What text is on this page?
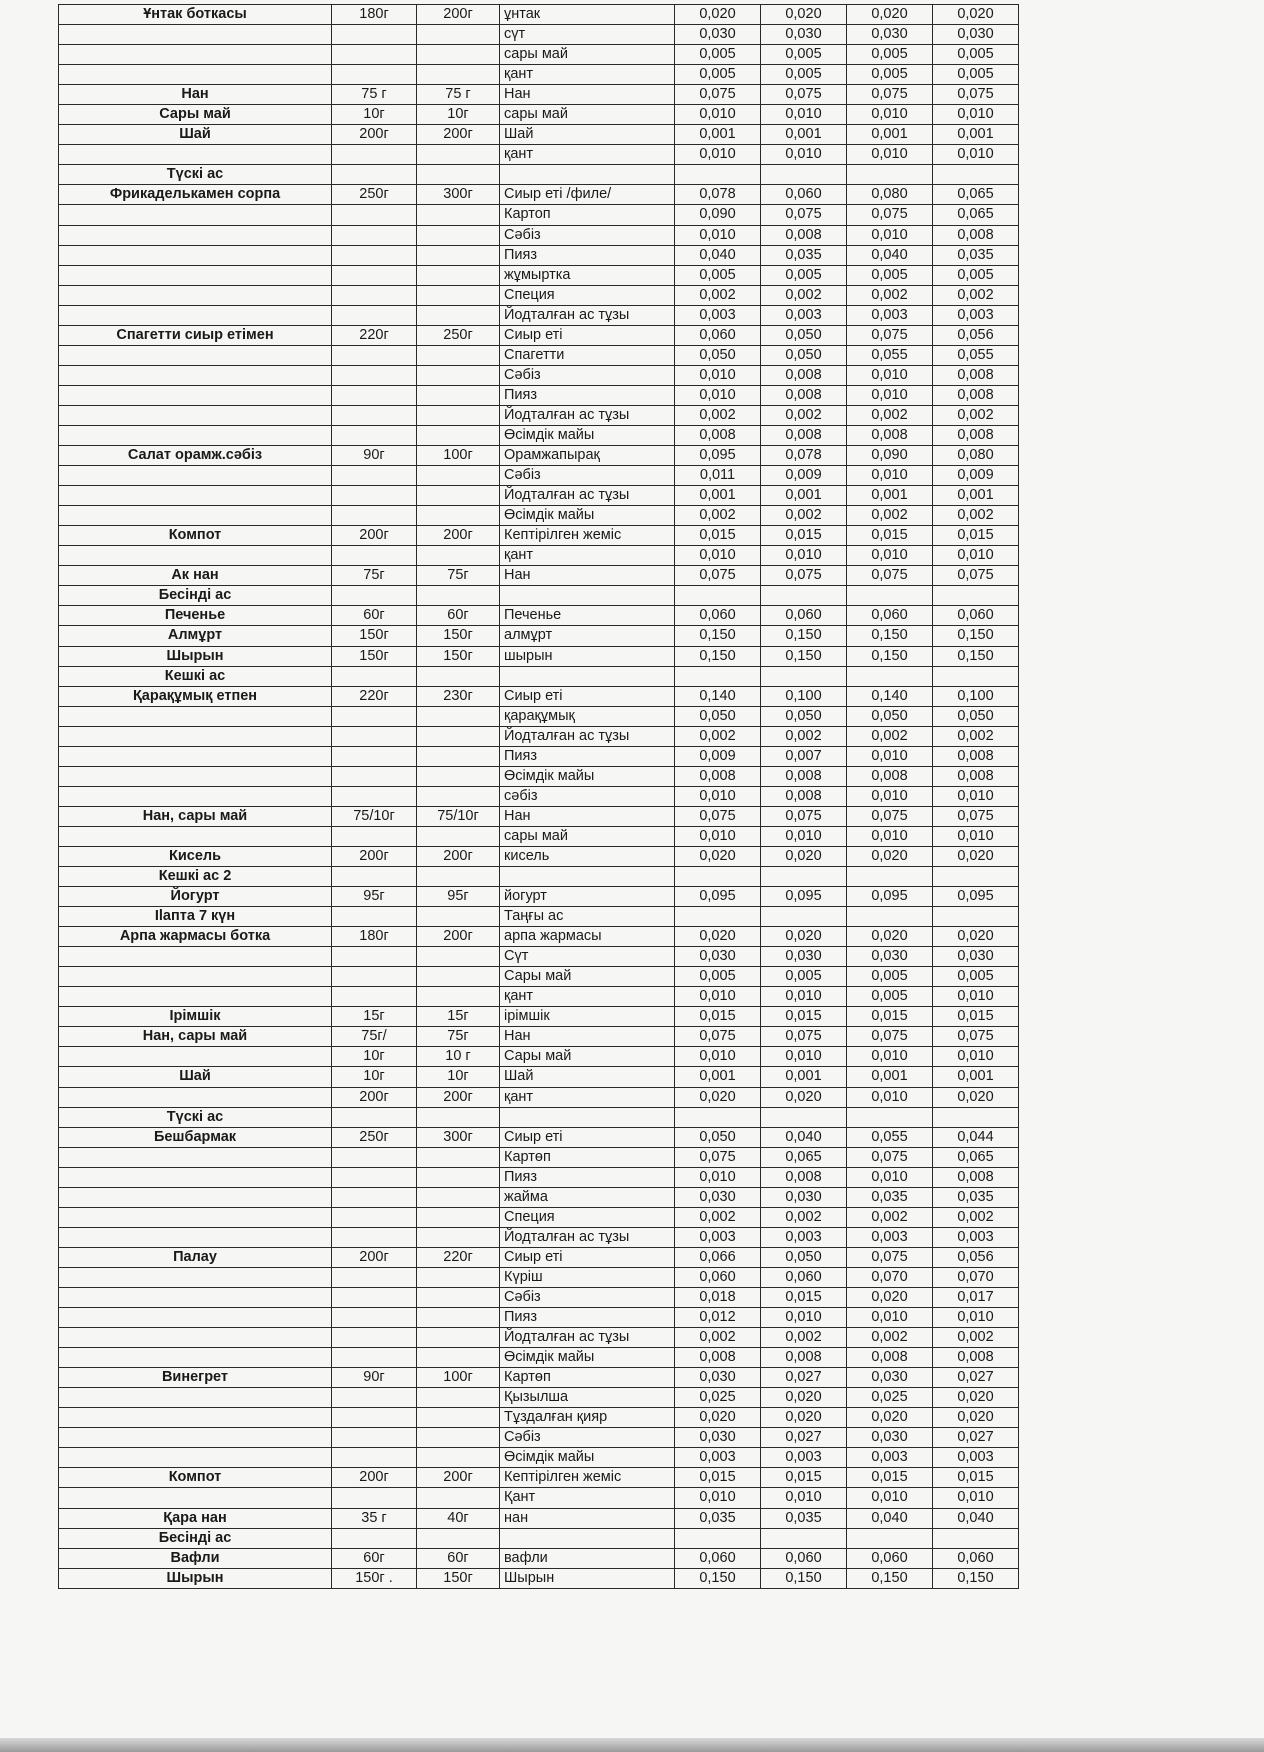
Ұнтак боткасы	180г	200г	ұнтак	0,020	0,020	0,020	0,020
			сүт	0,030	0,030	0,030	0,030
			сары май	0,005	0,005	0,005	0,005
			қант	0,005	0,005	0,005	0,005
Нан	75 г	75 г	Нан	0,075	0,075	0,075	0,075
Сары май	10г	10г	сары май	0,010	0,010	0,010	0,010
Шай	200г	200г	Шай	0,001	0,001	0,001	0,001
			қант	0,010	0,010	0,010	0,010
Түскі ас							
Фрикаделькамен сорпа	250г	300г	Сиыр еті /филе/	0,078	0,060	0,080	0,065
			Картоп	0,090	0,075	0,075	0,065
			Сәбіз	0,010	0,008	0,010	0,008
			Пияз	0,040	0,035	0,040	0,035
			жұмыртка	0,005	0,005	0,005	0,005
			Специя	0,002	0,002	0,002	0,002
			Йодталған ас тұзы	0,003	0,003	0,003	0,003
Спагетти сиыр етімен	220г	250г	Сиыр еті	0,060	0,050	0,075	0,056
			Спагетти	0,050	0,050	0,055	0,055
			Сәбіз	0,010	0,008	0,010	0,008
			Пияз	0,010	0,008	0,010	0,008
			Йодталған ас тұзы	0,002	0,002	0,002	0,002
			Өсімдік майы	0,008	0,008	0,008	0,008
Салат орамж.сәбіз	90г	100г	Орамжапырақ	0,095	0,078	0,090	0,080
			Сәбіз	0,011	0,009	0,010	0,009
			Йодталған ас тұзы	0,001	0,001	0,001	0,001
			Өсімдік майы	0,002	0,002	0,002	0,002
Компот	200г	200г	Кептірілген жеміс	0,015	0,015	0,015	0,015
			қант	0,010	0,010	0,010	0,010
Ак нан	75г	75г	Нан	0,075	0,075	0,075	0,075
Бесінді ас							
Печенье	60г	60г	Печенье	0,060	0,060	0,060	0,060
Алмұрт	150г	150г	алмұрт	0,150	0,150	0,150	0,150
Шырын	150г	150г	шырын	0,150	0,150	0,150	0,150
Кешкі ас							
Қарақұмық етпен	220г	230г	Сиыр еті	0,140	0,100	0,140	0,100
			қарақұмық	0,050	0,050	0,050	0,050
			Йодталған ас тұзы	0,002	0,002	0,002	0,002
			Пияз	0,009	0,007	0,010	0,008
			Өсімдік майы	0,008	0,008	0,008	0,008
			сәбіз	0,010	0,008	0,010	0,010
Нан, сары май	75/10г	75/10г	Нан	0,075	0,075	0,075	0,075
			сары май	0,010	0,010	0,010	0,010
Кисель	200г	200г	кисель	0,020	0,020	0,020	0,020
Кешкі ас 2							
Йогурт	95г	95г	йогурт	0,095	0,095	0,095	0,095
Ilапта 7 күн			Таңғы ас				
Арпа жармасы ботка	180г	200г	арпа жармасы	0,020	0,020	0,020	0,020
			Сүт	0,030	0,030	0,030	0,030
			Сары май	0,005	0,005	0,005	0,005
			қант	0,010	0,010	0,005	0,010
Ірімшік	15г	15г	ірімшік	0,015	0,015	0,015	0,015
Нан, сары май	75г/	75г	Нан	0,075	0,075	0,075	0,075
	10г	10 г	Сары май	0,010	0,010	0,010	0,010
Шай	10г	10г	Шай	0,001	0,001	0,001	0,001
	200г	200г	қант	0,020	0,020	0,010	0,020
Түскі ас							
Бешбармак	250г	300г	Сиыр еті	0,050	0,040	0,055	0,044
			Картөп	0,075	0,065	0,075	0,065
			Пияз	0,010	0,008	0,010	0,008
			жайма	0,030	0,030	0,035	0,035
			Специя	0,002	0,002	0,002	0,002
			Йодталған ас тұзы	0,003	0,003	0,003	0,003
Палау	200г	220г	Сиыр еті	0,066	0,050	0,075	0,056
			Күріш	0,060	0,060	0,070	0,070
			Сәбіз	0,018	0,015	0,020	0,017
			Пияз	0,012	0,010	0,010	0,010
			Йодталған ас тұзы	0,002	0,002	0,002	0,002
			Өсімдік майы	0,008	0,008	0,008	0,008
Винегрет	90г	100г	Картөп	0,030	0,027	0,030	0,027
			Қызылша	0,025	0,020	0,025	0,020
			Тұздалған қияр	0,020	0,020	0,020	0,020
			Сәбіз	0,030	0,027	0,030	0,027
			Өсімдік майы	0,003	0,003	0,003	0,003
Компот	200г	200г	Кептірілген жеміс	0,015	0,015	0,015	0,015
			Қант	0,010	0,010	0,010	0,010
Қара нан	35 г	40г	нан	0,035	0,035	0,040	0,040
Бесінді ас							
Вафли	60г	60г	вафли	0,060	0,060	0,060	0,060
Шырын	150г .	150г	Шырын	0,150	0,150	0,150	0,150
